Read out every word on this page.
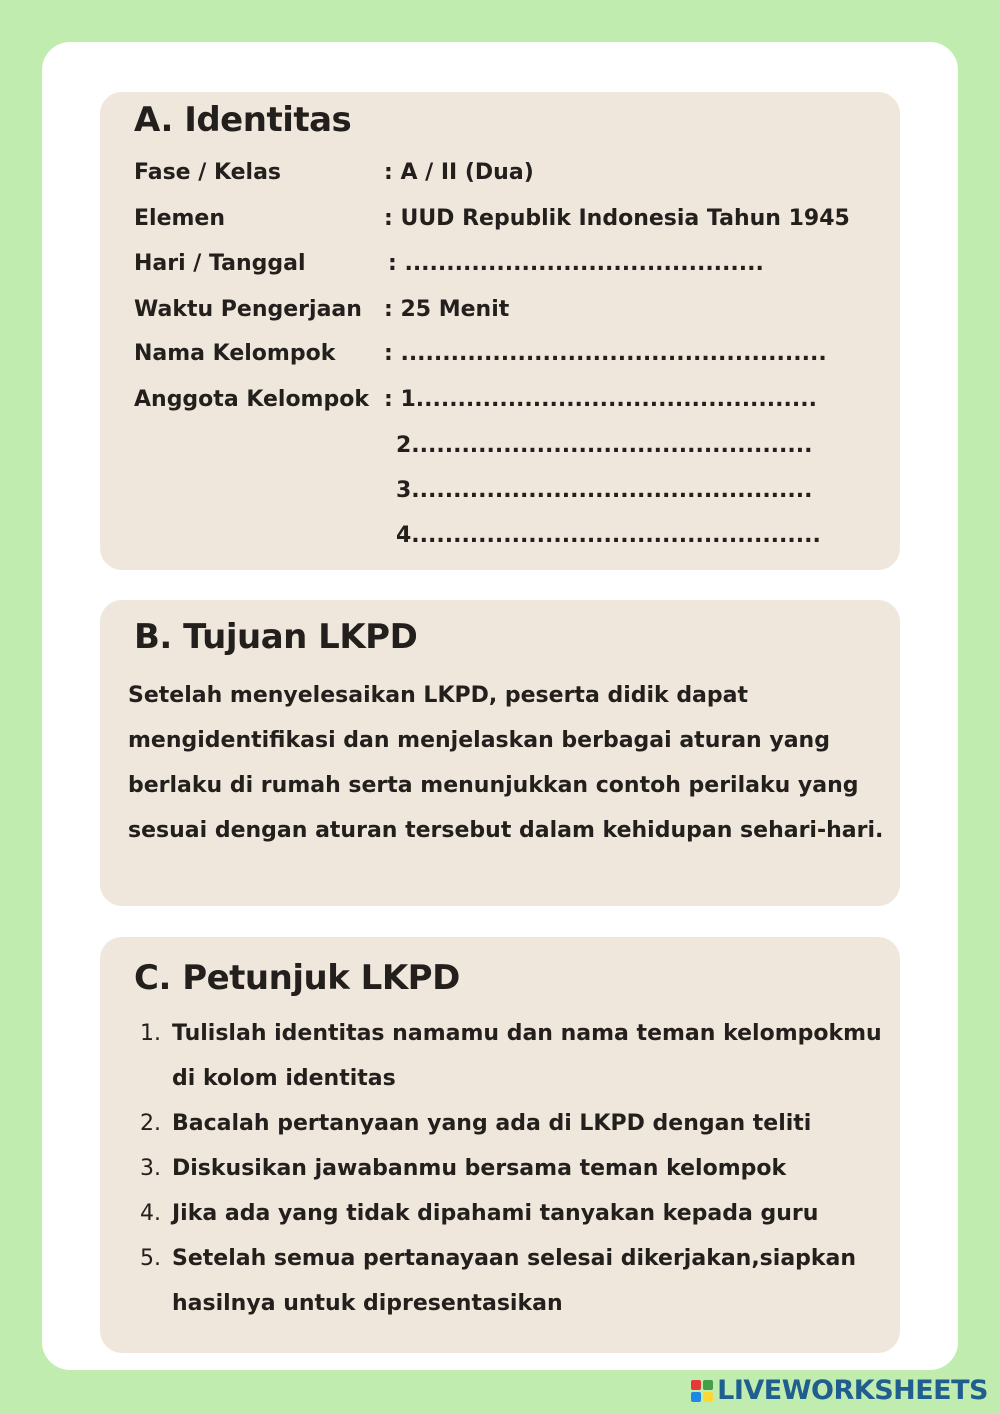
A. Identitas
Fase / Kelas	: A / II (Dua)
Elemen	: UUD Republik Indonesia Tahun 1945
Hari / Tanggal	: ...........................................
Waktu Pengerjaan : 25 Menit
Nama Kelompok : ...................................................
Anggota Kelompok : 1................................................
2................................................
3................................................
4.................................................
B. Tujuan LKPD

Setelah menyelesaikan LKPD, peserta didik dapat mengidentifikasi dan menjelaskan berbagai aturan yang berlaku di rumah serta menunjukkan contoh perilaku yang sesuai dengan aturan tersebut dalam kehidupan sehari-hari.

C. Petunjuk LKPD
1. Tulislah identitas namamu dan nama teman kelompokmu di kolom identitas
2. Bacalah pertanyaan yang ada di LKPD dengan teliti
3. Diskusikan jawabanmu bersama teman kelompok
4. Jika ada yang tidak dipahami tanyakan kepada guru
5. Setelah semua pertanayaan selesai dikerjakan,siapkan hasilnya untuk dipresentasikan
LIVEWORKSHEETS
